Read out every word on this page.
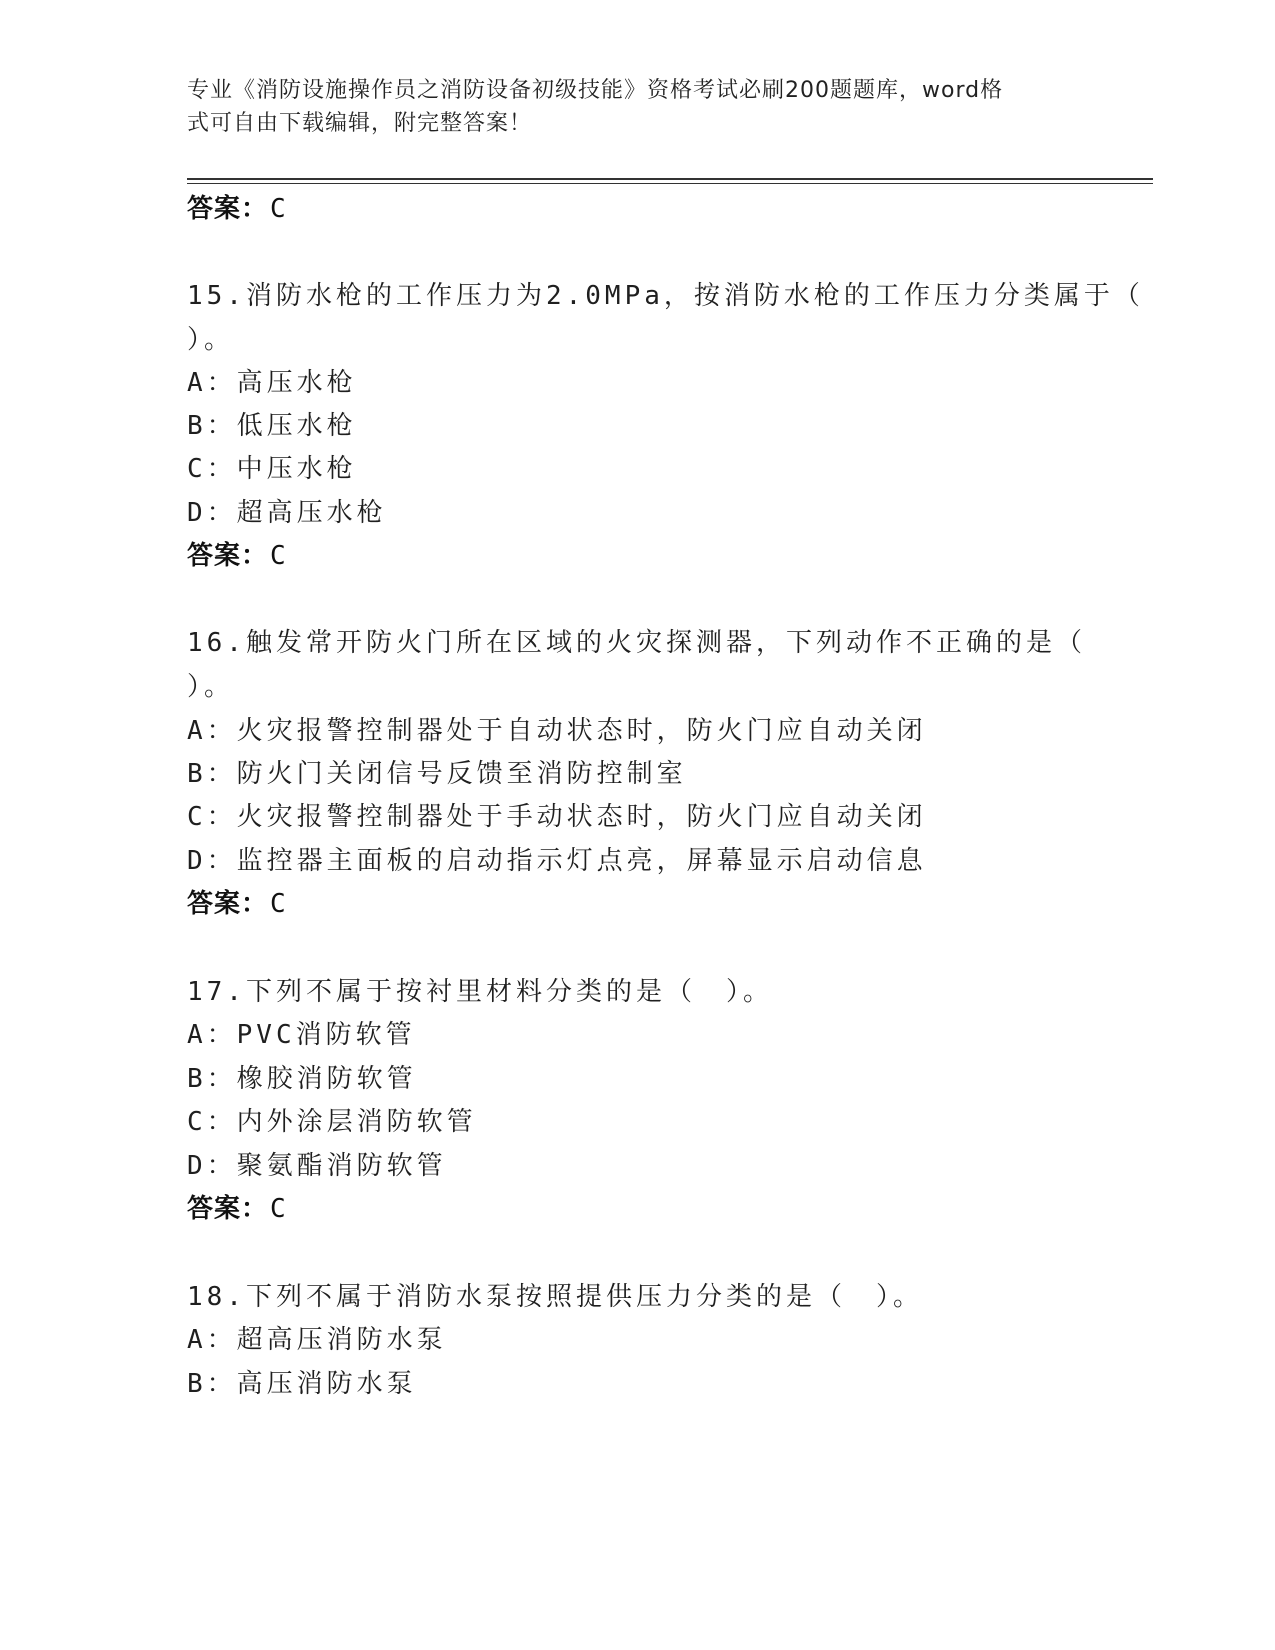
专业《消防设施操作员之消防设备初级技能》资格考试必刷200题题库，word格
式可自由下载编辑，附完整答案！
答案：C
15.消防水枪的工作压力为2.0MPa，按消防水枪的工作压力分类属于（
）。
A：高压水枪
B：低压水枪
C：中压水枪
D：超高压水枪
答案：C
16.触发常开防火门所在区域的火灾探测器，下列动作不正确的是（
）。
A：火灾报警控制器处于自动状态时，防火门应自动关闭
B：防火门关闭信号反馈至消防控制室
C：火灾报警控制器处于手动状态时，防火门应自动关闭
D：监控器主面板的启动指示灯点亮，屏幕显示启动信息
答案：C
17.下列不属于按衬里材料分类的是（　）。
A：PVC消防软管
B：橡胶消防软管
C：内外涂层消防软管
D：聚氨酯消防软管
答案：C
18.下列不属于消防水泵按照提供压力分类的是（　）。
A：超高压消防水泵
B：高压消防水泵
